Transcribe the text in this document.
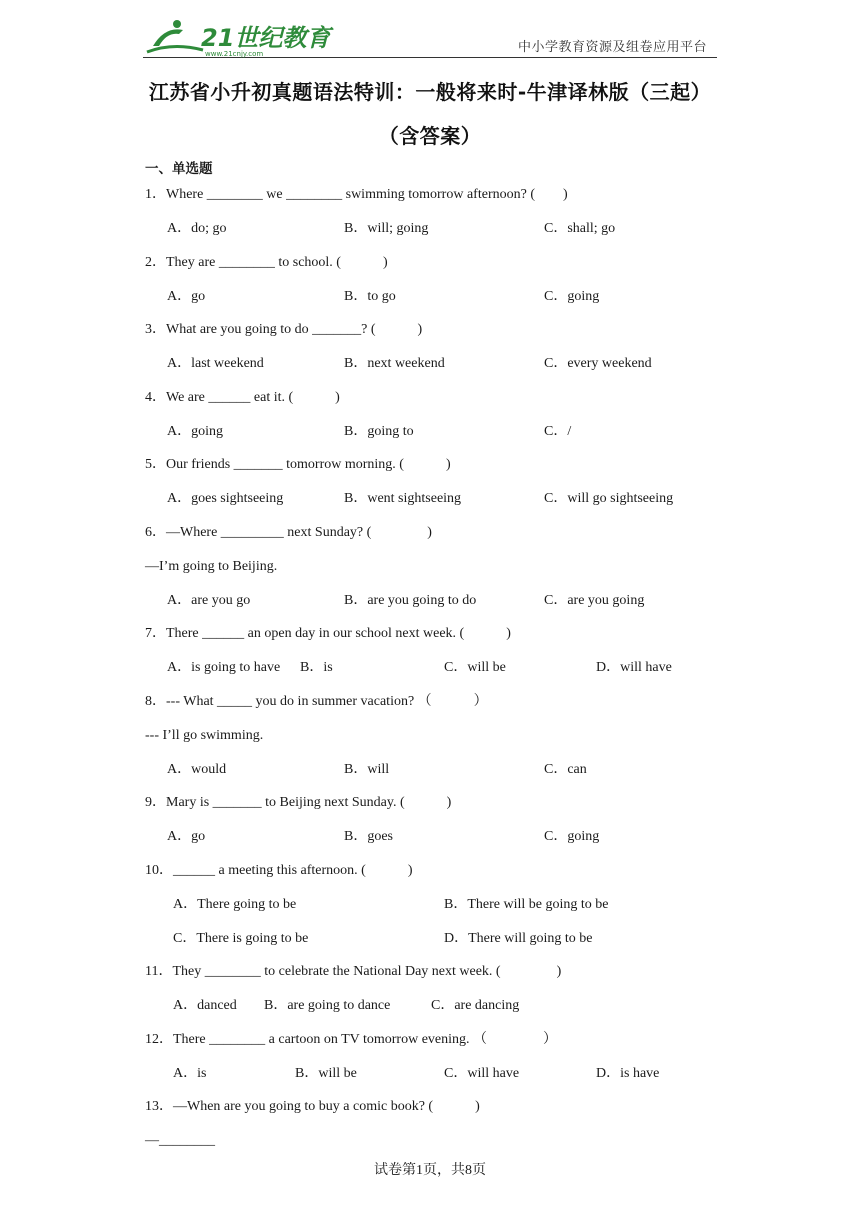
21世纪教育
www.21cnjy.com	中小学教育资源及组卷应用平台
江苏省小升初真题语法特训：一般将来时-牛津译林版（三起）
（含答案）
一、单选题
1．Where ________ we ________ swimming tomorrow afternoon? (　　)
A．do; go	B．will; going	C．shall; go
2．They are ________ to school. (　　　)
A．go	B．to go	C．going
3．What are you going to do _______? (　　　)
A．last weekend	B．next weekend	C．every weekend
4．We are ______ eat it. (　　　)
A．going	B．going to	C．/
5．Our friends _______ tomorrow morning. (　　　)
A．goes sightseeing	B．went sightseeing	C．will go sightseeing
6．—Where _________ next Sunday? (　　　　)
—I’m going to Beijing.
A．are you go	B．are you going to do	C．are you going
7．There ______ an open day in our school next week. (　　　)
A．is going to have B．is	C．will be	D．will have
8．--- What _____ you do in summer vacation? （　　　）
--- I’ll go swimming.
A．would	B．will	C．can
9．Mary is _______ to Beijing next Sunday. (　　　)
A．go	B．goes	C．going
10．______ a meeting this afternoon. (　　　)
A．There going to be	B．There will be going to be
C．There is going to be	D．There will going to be
11．They ________ to celebrate the National Day next week. (　　　　)
A．danced B．are going to dance	C．are dancing
12．There ________ a cartoon on TV tomorrow evening. （　　　　）
A．is	B．will be	C．will have	D．is have
13．—When are you going to buy a comic book? (　　　)
—________
试卷第1页，共8页
